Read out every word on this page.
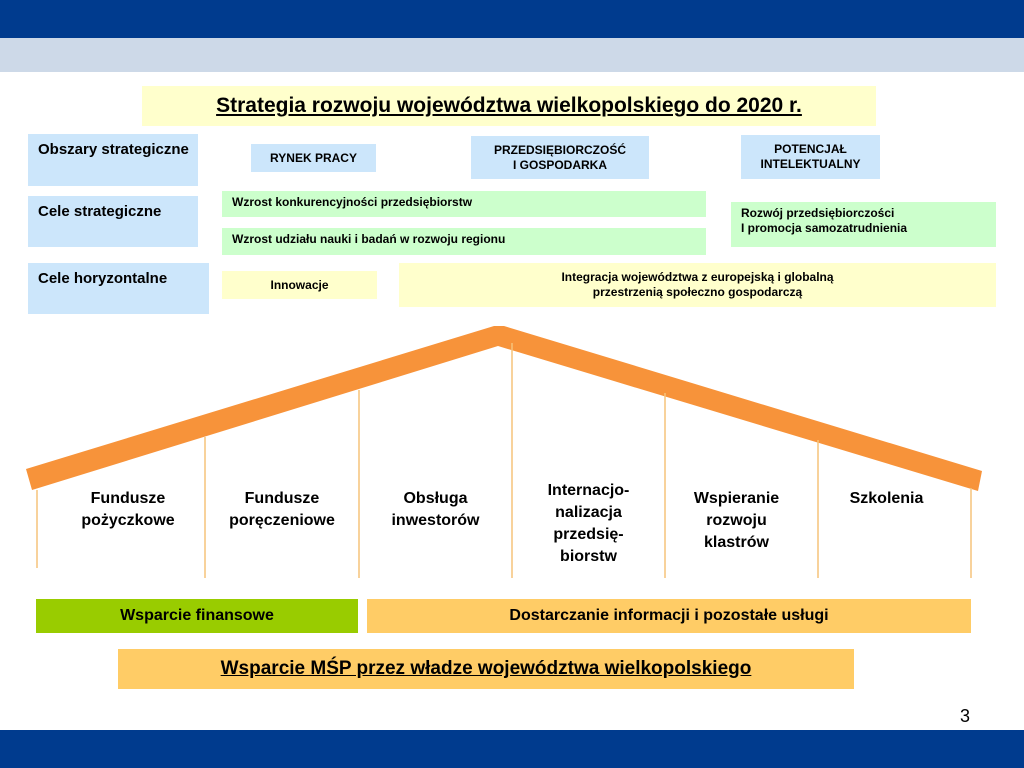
Strategia rozwoju województwa wielkopolskiego do 2020 r.
Obszary strategiczne
Cele strategiczne
Cele horyzontalne
RYNEK PRACY
PRZEDSIĘBIORCZOŚĆ
I GOSPODARKA
POTENCJAŁ
INTELEKTUALNY
Wzrost konkurencyjności przedsiębiorstw
Wzrost udziału nauki i badań w rozwoju regionu
Rozwój przedsiębiorczości
I promocja samozatrudnienia
Innowacje
Integracja województwa z europejską i globalną
przestrzenią społeczno gospodarczą
Fundusze
pożyczkowe
Fundusze
poręczeniowe
Obsługa
inwestorów
Internacjo-
nalizacja
przedsię-
biorstw
Wspieranie
rozwoju
klastrów
Szkolenia
Wsparcie finansowe	Dostarczanie informacji i pozostałe usługi
Wsparcie MŚP przez władze województwa wielkopolskiego
3
